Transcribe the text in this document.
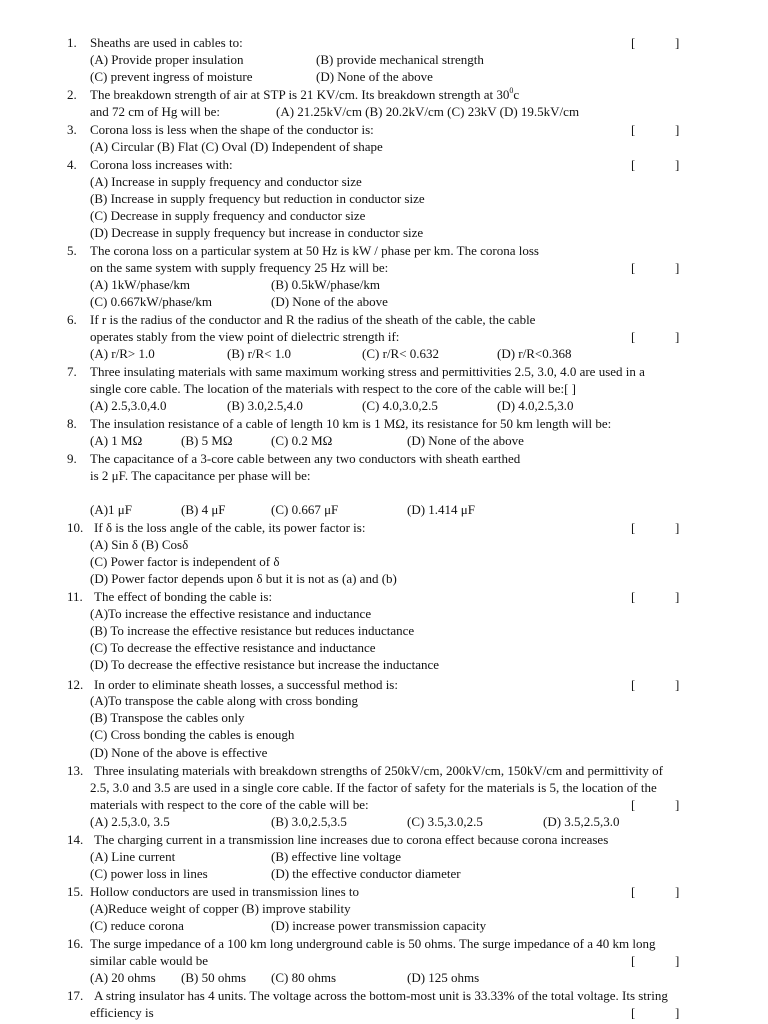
1. Sheaths are used in cables to:	[	]
(A) Provide proper insulation	(B) provide mechanical strength
(C) prevent ingress of moisture	(D) None of the above
2. The breakdown strength of air at STP is 21 KV/cm. Its breakdown strength at $30^0c$
and 72 cm of Hg will be:	(A) 21.25kV/cm (B) 20.2kV/cm (C) 23kV (D) 19.5kV/cm
3. Corona loss is less when the shape of the conductor is:	[	]
(A) Circular (B) Flat (C) Oval (D) Independent of shape
4. Corona loss increases with:	[	]
(A) Increase in supply frequency and conductor size
(B) Increase in supply frequency but reduction in conductor size
(C) Decrease in supply frequency and conductor size
(D) Decrease in supply frequency but increase in conductor size
5. The corona loss on a particular system at 50 Hz is kW / phase per km. The corona loss
on the same system with supply frequency 25 Hz will be:	[	]
(A) 1kW/phase/km	(B) 0.5kW/phase/km
(C) 0.667kW/phase/km	(D) None of the above
6. If r is the radius of the conductor and R the radius of the sheath of the cable, the cable
operates stably from the view point of dielectric strength if:	[	]
(A) r/R> 1.0	(B) r/R< 1.0	(C) r/R< 0.632	(D) r/R<0.368
7. Three insulating materials with same maximum working stress and permittivities 2.5, 3.0, 4.0 are used in a
single core cable. The location of the materials with respect to the core of the cable will be:[ ]
(A) 2.5,3.0,4.0	(B) 3.0,2.5,4.0	(C) 4.0,3.0,2.5	(D) 4.0,2.5,3.0
8. The insulation resistance of a cable of length 10 km is 1 MΩ, its resistance for 50 km length will be:
(A) 1 MΩ	(B) 5 MΩ	(C) 0.2 MΩ	(D) None of the above
9. The capacitance of a 3-core cable between any two conductors with sheath earthed
is 2 μF. The capacitance per phase will be:
(A)1 μF	(B) 4 μF	(C) 0.667 μF	(D) 1.414 μF
10. If δ is the loss angle of the cable, its power factor is:	[	]
(A) Sin δ (B) Cosδ
(C) Power factor is independent of δ
(D) Power factor depends upon δ but it is not as (a) and (b)
11. The effect of bonding the cable is:	[	]
(A)To increase the effective resistance and inductance
(B) To increase the effective resistance but reduces inductance
(C) To decrease the effective resistance and inductance
(D) To decrease the effective resistance but increase the inductance
12. In order to eliminate sheath losses, a successful method is:	[	]
(A)To transpose the cable along with cross bonding
(B) Transpose the cables only
(C) Cross bonding the cables is enough
(D) None of the above is effective
13. Three insulating materials with breakdown strengths of 250kV/cm, 200kV/cm, 150kV/cm and permittivity of
2.5, 3.0 and 3.5 are used in a single core cable. If the factor of safety for the materials is 5, the location of the
materials with respect to the core of the cable will be:	[	]
(A) 2.5,3.0, 3.5	(B) 3.0,2.5,3.5	(C) 3.5,3.0,2.5	(D) 3.5,2.5,3.0
14. The charging current in a transmission line increases due to corona effect because corona increases
(A) Line current	(B) effective line voltage
(C) power loss in lines	(D) the effective conductor diameter
15. Hollow conductors are used in transmission lines to	[	]
(A)Reduce weight of copper (B) improve stability
(C) reduce corona	(D) increase power transmission capacity
16. The surge impedance of a 100 km long underground cable is 50 ohms. The surge impedance of a 40 km long
similar cable would be	[	]
(A) 20 ohms (B) 50 ohms (C) 80 ohms	(D) 125 ohms
17. A string insulator has 4 units. The voltage across the bottom-most unit is 33.33% of the total voltage. Its string
efficiency is	[	]
